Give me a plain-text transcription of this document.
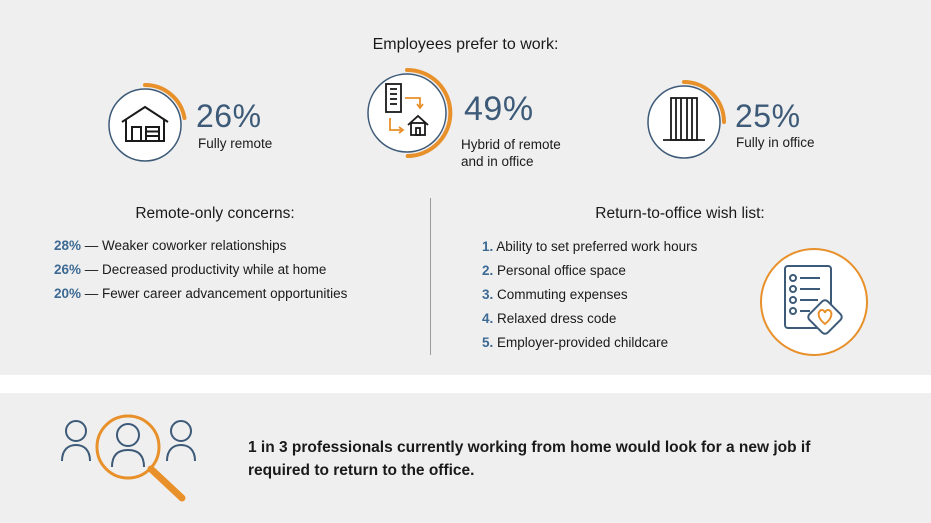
Employees prefer to work:
26%
Fully remote
49%
Hybrid of remote
and in office
25%
Fully in office
Remote-only concerns:	Return-to-office wish list:
28% — Weaker coworker relationships
26% — Decreased productivity while at home
20% — Fewer career advancement opportunities
1. Ability to set preferred work hours
2. Personal office space
3. Commuting expenses
4. Relaxed dress code
5. Employer-provided childcare
1 in 3 professionals currently working from home would look for a new job if
required to return to the office.
